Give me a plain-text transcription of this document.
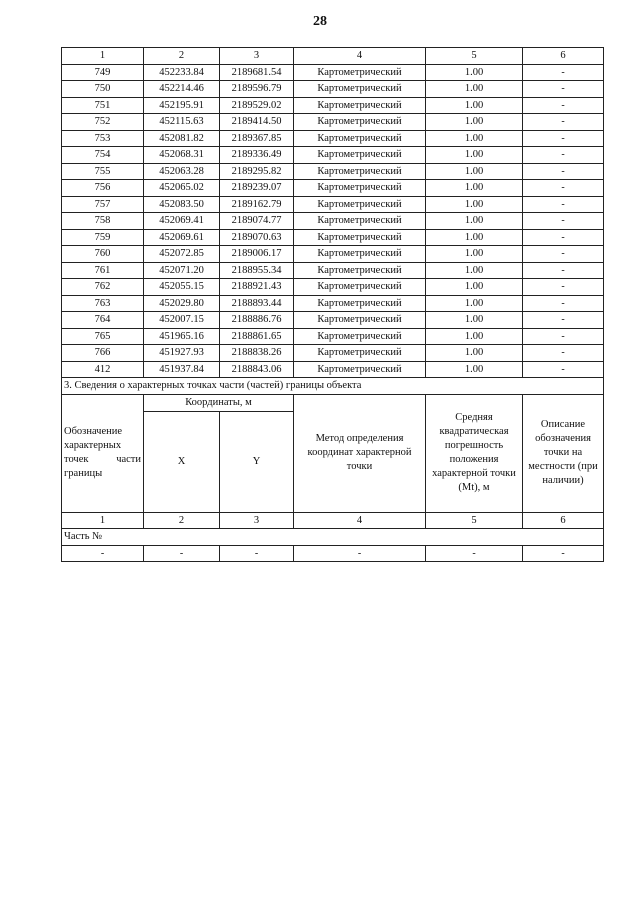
28
1	2	3	4	5	6
749	452233.84	2189681.54	Картометрический	1.00	-
750	452214.46	2189596.79	Картометрический	1.00	-
751	452195.91	2189529.02	Картометрический	1.00	-
752	452115.63	2189414.50	Картометрический	1.00	-
753	452081.82	2189367.85	Картометрический	1.00	-
754	452068.31	2189336.49	Картометрический	1.00	-
755	452063.28	2189295.82	Картометрический	1.00	-
756	452065.02	2189239.07	Картометрический	1.00	-
757	452083.50	2189162.79	Картометрический	1.00	-
758	452069.41	2189074.77	Картометрический	1.00	-
759	452069.61	2189070.63	Картометрический	1.00	-
760	452072.85	2189006.17	Картометрический	1.00	-
761	452071.20	2188955.34	Картометрический	1.00	-
762	452055.15	2188921.43	Картометрический	1.00	-
763	452029.80	2188893.44	Картометрический	1.00	-
764	452007.15	2188886.76	Картометрический	1.00	-
765	451965.16	2188861.65	Картометрический	1.00	-
766	451927.93	2188838.26	Картометрический	1.00	-
412	451937.84	2188843.06	Картометрический	1.00	-
3. Сведения о характерных точках части (частей) границы объекта					
Обозначение характерных точек части границы	Координаты, м		Метод определения координат характерной точки	Средняя квадратическая погрешность положения характерной точки (Mt), м	Описание обозначения точки на местности (при наличии)
	X	Y			
1	2	3	4	5	6
Часть №					
-	-	-	-	-	-
